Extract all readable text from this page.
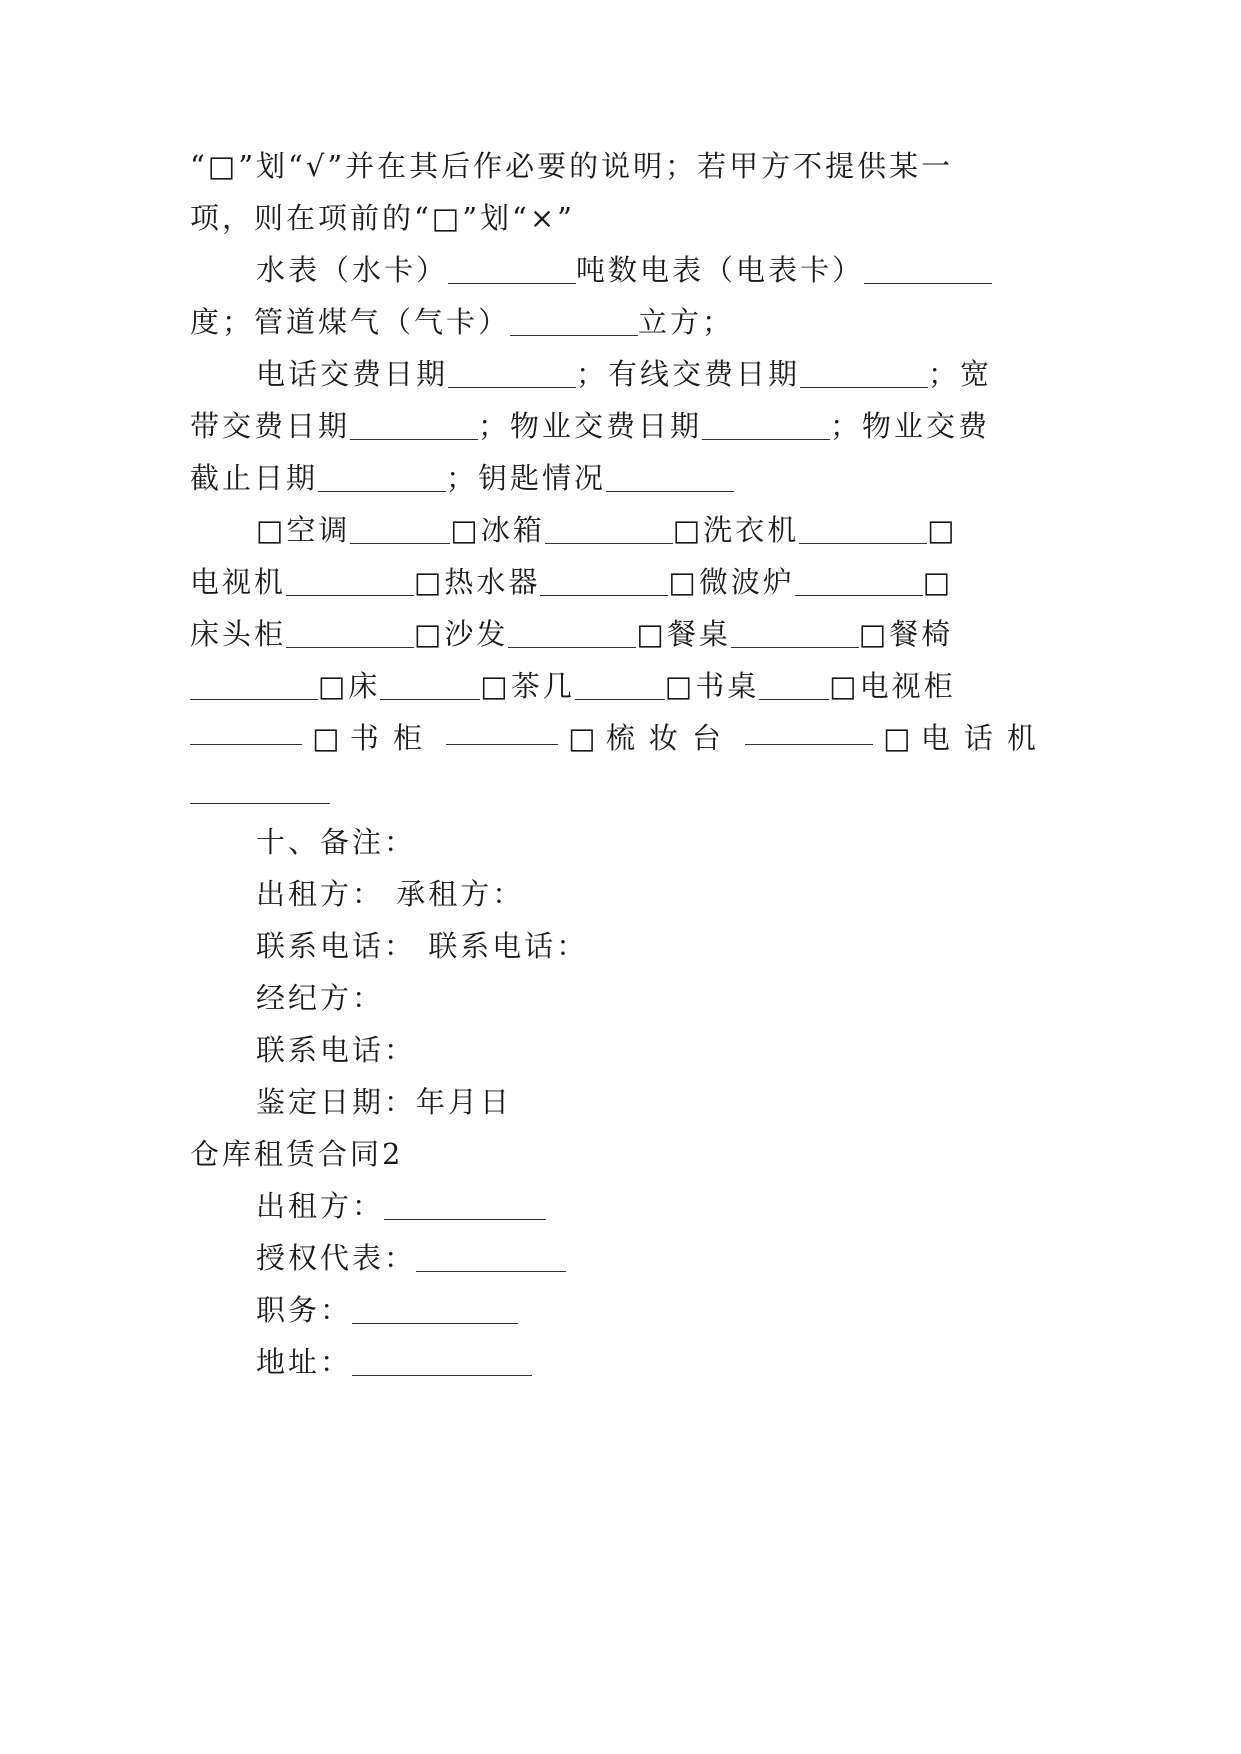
“□”划“√”并在其后作必要的说明；若甲方不提供某一
项，则在项前的“□”划“×”
水表（水卡）	吨数电表（电表卡）
度；管道煤气（气卡）	立方；
电话交费日期	；有线交费日期	；宽
带交费日期	；物业交费日期	；物业交费
截止日期	；钥匙情况
□空调	□冰箱	□洗衣机	□
电视机	□热水器	□微波炉	□
床头柜	□沙发	□餐桌	□餐椅
□床	□茶几	□书桌 □电视柜
□ 书柜	□ 梳妆台	□ 电话机
十、备注：
出租方： 承租方：
联系电话： 联系电话：
经纪方：
联系电话：
鉴定日期：年月日
仓库租赁合同2
出租方：
授权代表：
职务：
地址：
